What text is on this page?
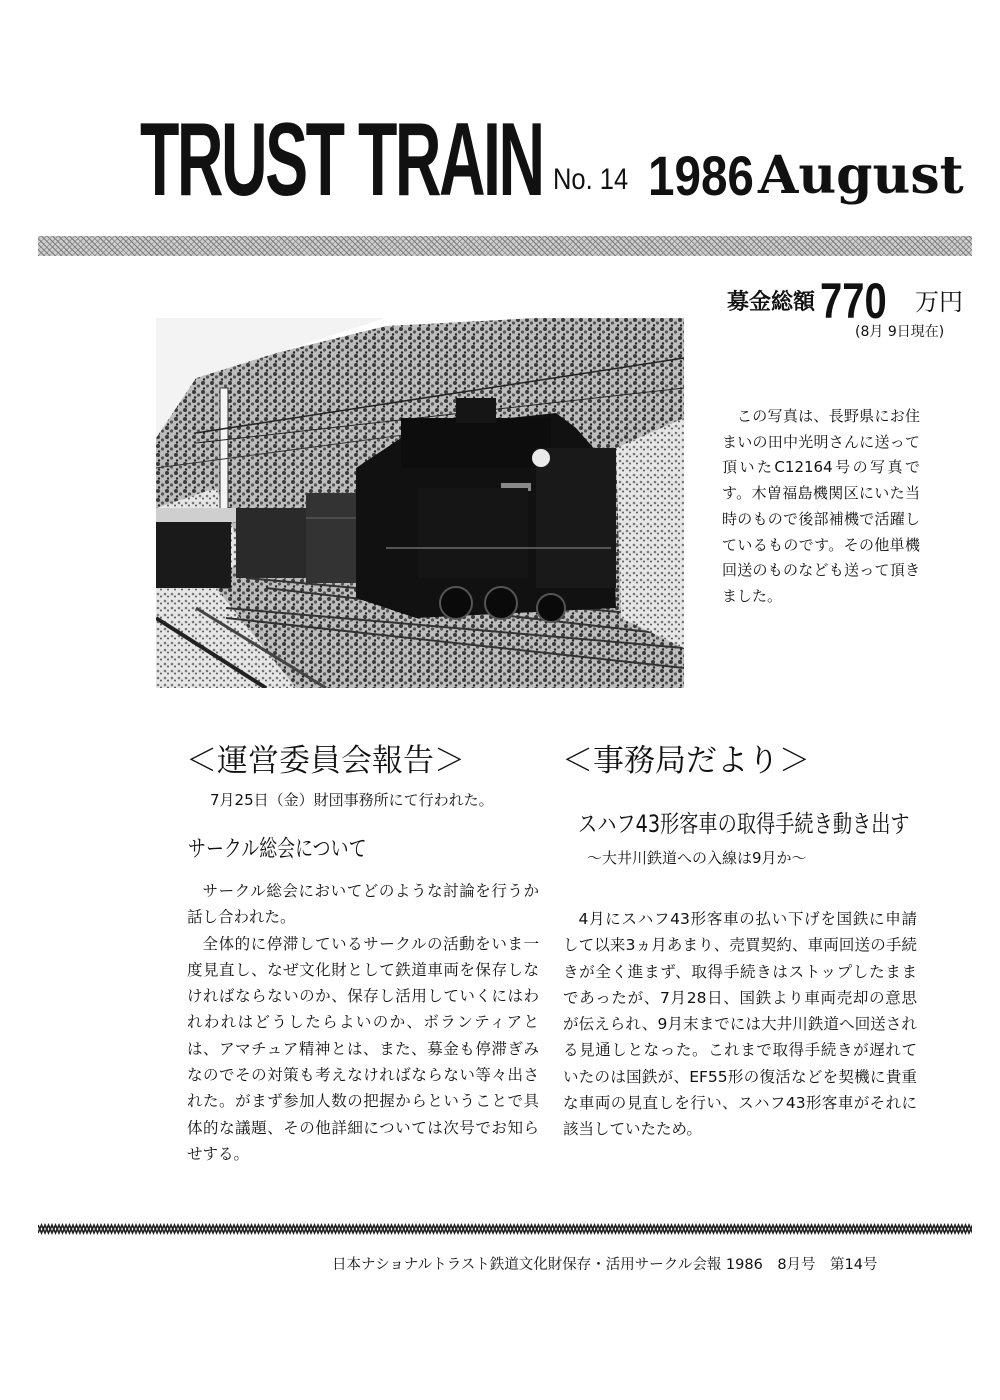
TRUST TRAIN No. 14 1986 August
募金総額 770 万円
(8月 9日現在)
この写真は、長野県にお住まいの田中光明さんに送って頂いたC12164号の写真です。木曽福島機関区にいた当時のもので後部補機で活躍しているものです。その他単機回送のものなども送って頂きました。
＜運営委員会報告＞
7月25日（金）財団事務所にて行われた。
サークル総会について

サークル総会においてどのような討論を行うか話し合われた。

全体的に停滞しているサークルの活動をいま一度見直し、なぜ文化財として鉄道車両を保存しなければならないのか、保存し活用していくにはわれわれはどうしたらよいのか、ボランティアとは、アマチュア精神とは、また、募金も停滞ぎみなのでその対策も考えなければならない等々出された。がまず参加人数の把握からということで具体的な議題、その他詳細については次号でお知らせする。

＜事務局だより＞
スハフ43形客車の取得手続き動き出す
〜大井川鉄道への入線は9月か〜

4月にスハフ43形客車の払い下げを国鉄に申請して以来3ヵ月あまり、売買契約、車両回送の手続きが全く進まず、取得手続きはストップしたままであったが、7月28日、国鉄より車両売却の意思が伝えられ、9月末までには大井川鉄道へ回送される見通しとなった。これまで取得手続きが遅れていたのは国鉄が、EF55形の復活などを契機に貴重な車両の見直しを行い、スハフ43形客車がそれに該当していたため。

日本ナショナルトラスト鉄道文化財保存・活用サークル会報 1986　8月号　第14号
